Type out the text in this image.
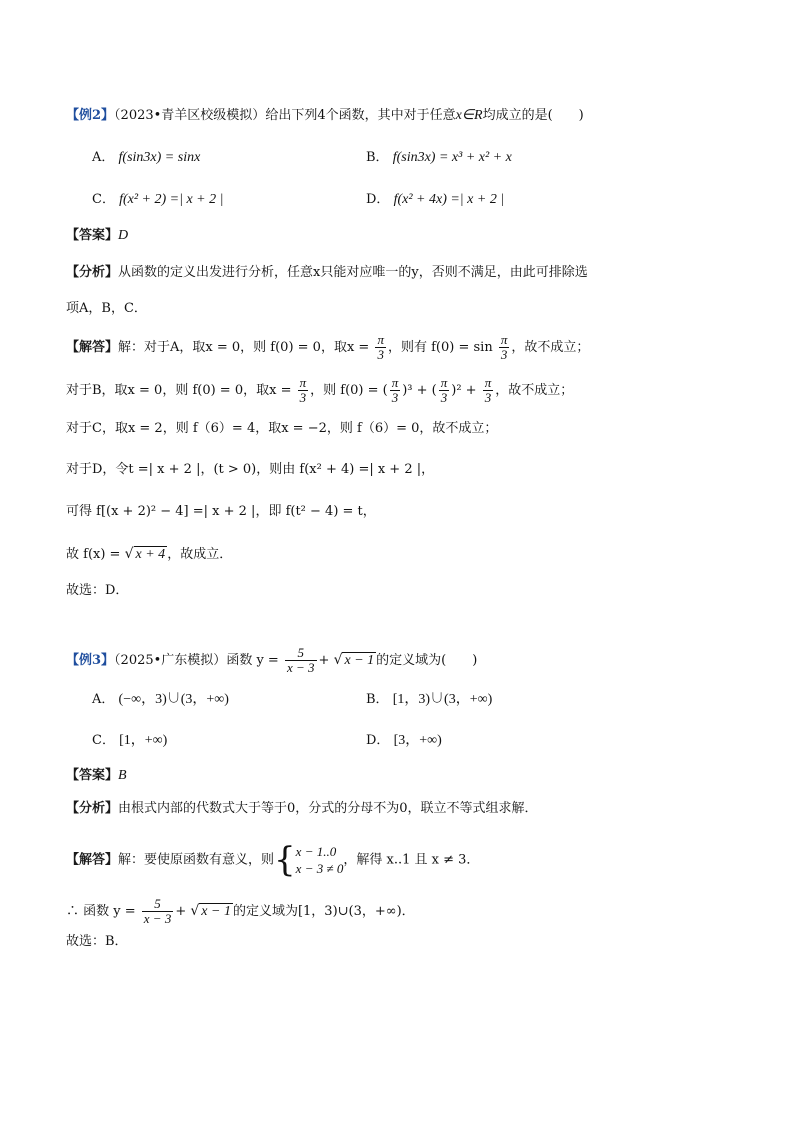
【例2】（2023•青羊区校级模拟）给出下列4个函数，其中对于任意x∈R均成立的是(　　)
A． f(sin3x) = sinx	B． f(sin3x) = x³ + x² + x
C． f(x² + 2) =| x + 2 |	D． f(x² + 4x) =| x + 2 |
【答案】D
【分析】从函数的定义出发进行分析，任意x只能对应唯一的y，否则不满足，由此可排除选
项A，B，C．
【解答】解：对于A，取x = 0，则 f(0) = 0，取$x = \frac{\pi}{3}$ ，则有 $f(0) = \sin \frac{\pi}{3}$ ，故不成立；
对于B，取x = 0，则 f(0) = 0，取$x = \frac{\pi}{3}$ ，则 f(0) = ( $\frac{\pi}{3} )^3$ + ( $\frac{\pi}{3} )^2 + \frac{\pi}{3}$ ，故不成立；
对于C，取x = 2，则 f（6）= 4，取x = −2，则 f（6）= 0，故不成立；
对于D，令t =| x + 2 |，(t > 0)，则由 f(x² + 4) =| x + 2 |，
可得 f[(x + 2)² − 4] =| x + 2 |，即 f(t² − 4) = t，
故 f(x) = √ x + 4 ，故成立．
故选：D．
【例3】（2025•广东模拟）函数 $y = \frac{5}{x - 3}$ + √ x − 1 的定义域为(　　)
A． (−∞，3)∪(3，+∞)	B． [1，3)∪(3，+∞)
C． [1，+∞)	D． [3，+∞)
【答案】B
【分析】由根式内部的代数式大于等于0，分式的分母不为0，联立不等式组求解．
【解答】解：要使原函数有意义，则{ x − 1..0
x − 3 ≠ 0
，解得 x..1 且 x ≠ 3．
∴ 函数 $y = \frac{5}{x - 3}$ + √ x − 1 的定义域为[1，3)∪(3，+∞)．
故选：B．
